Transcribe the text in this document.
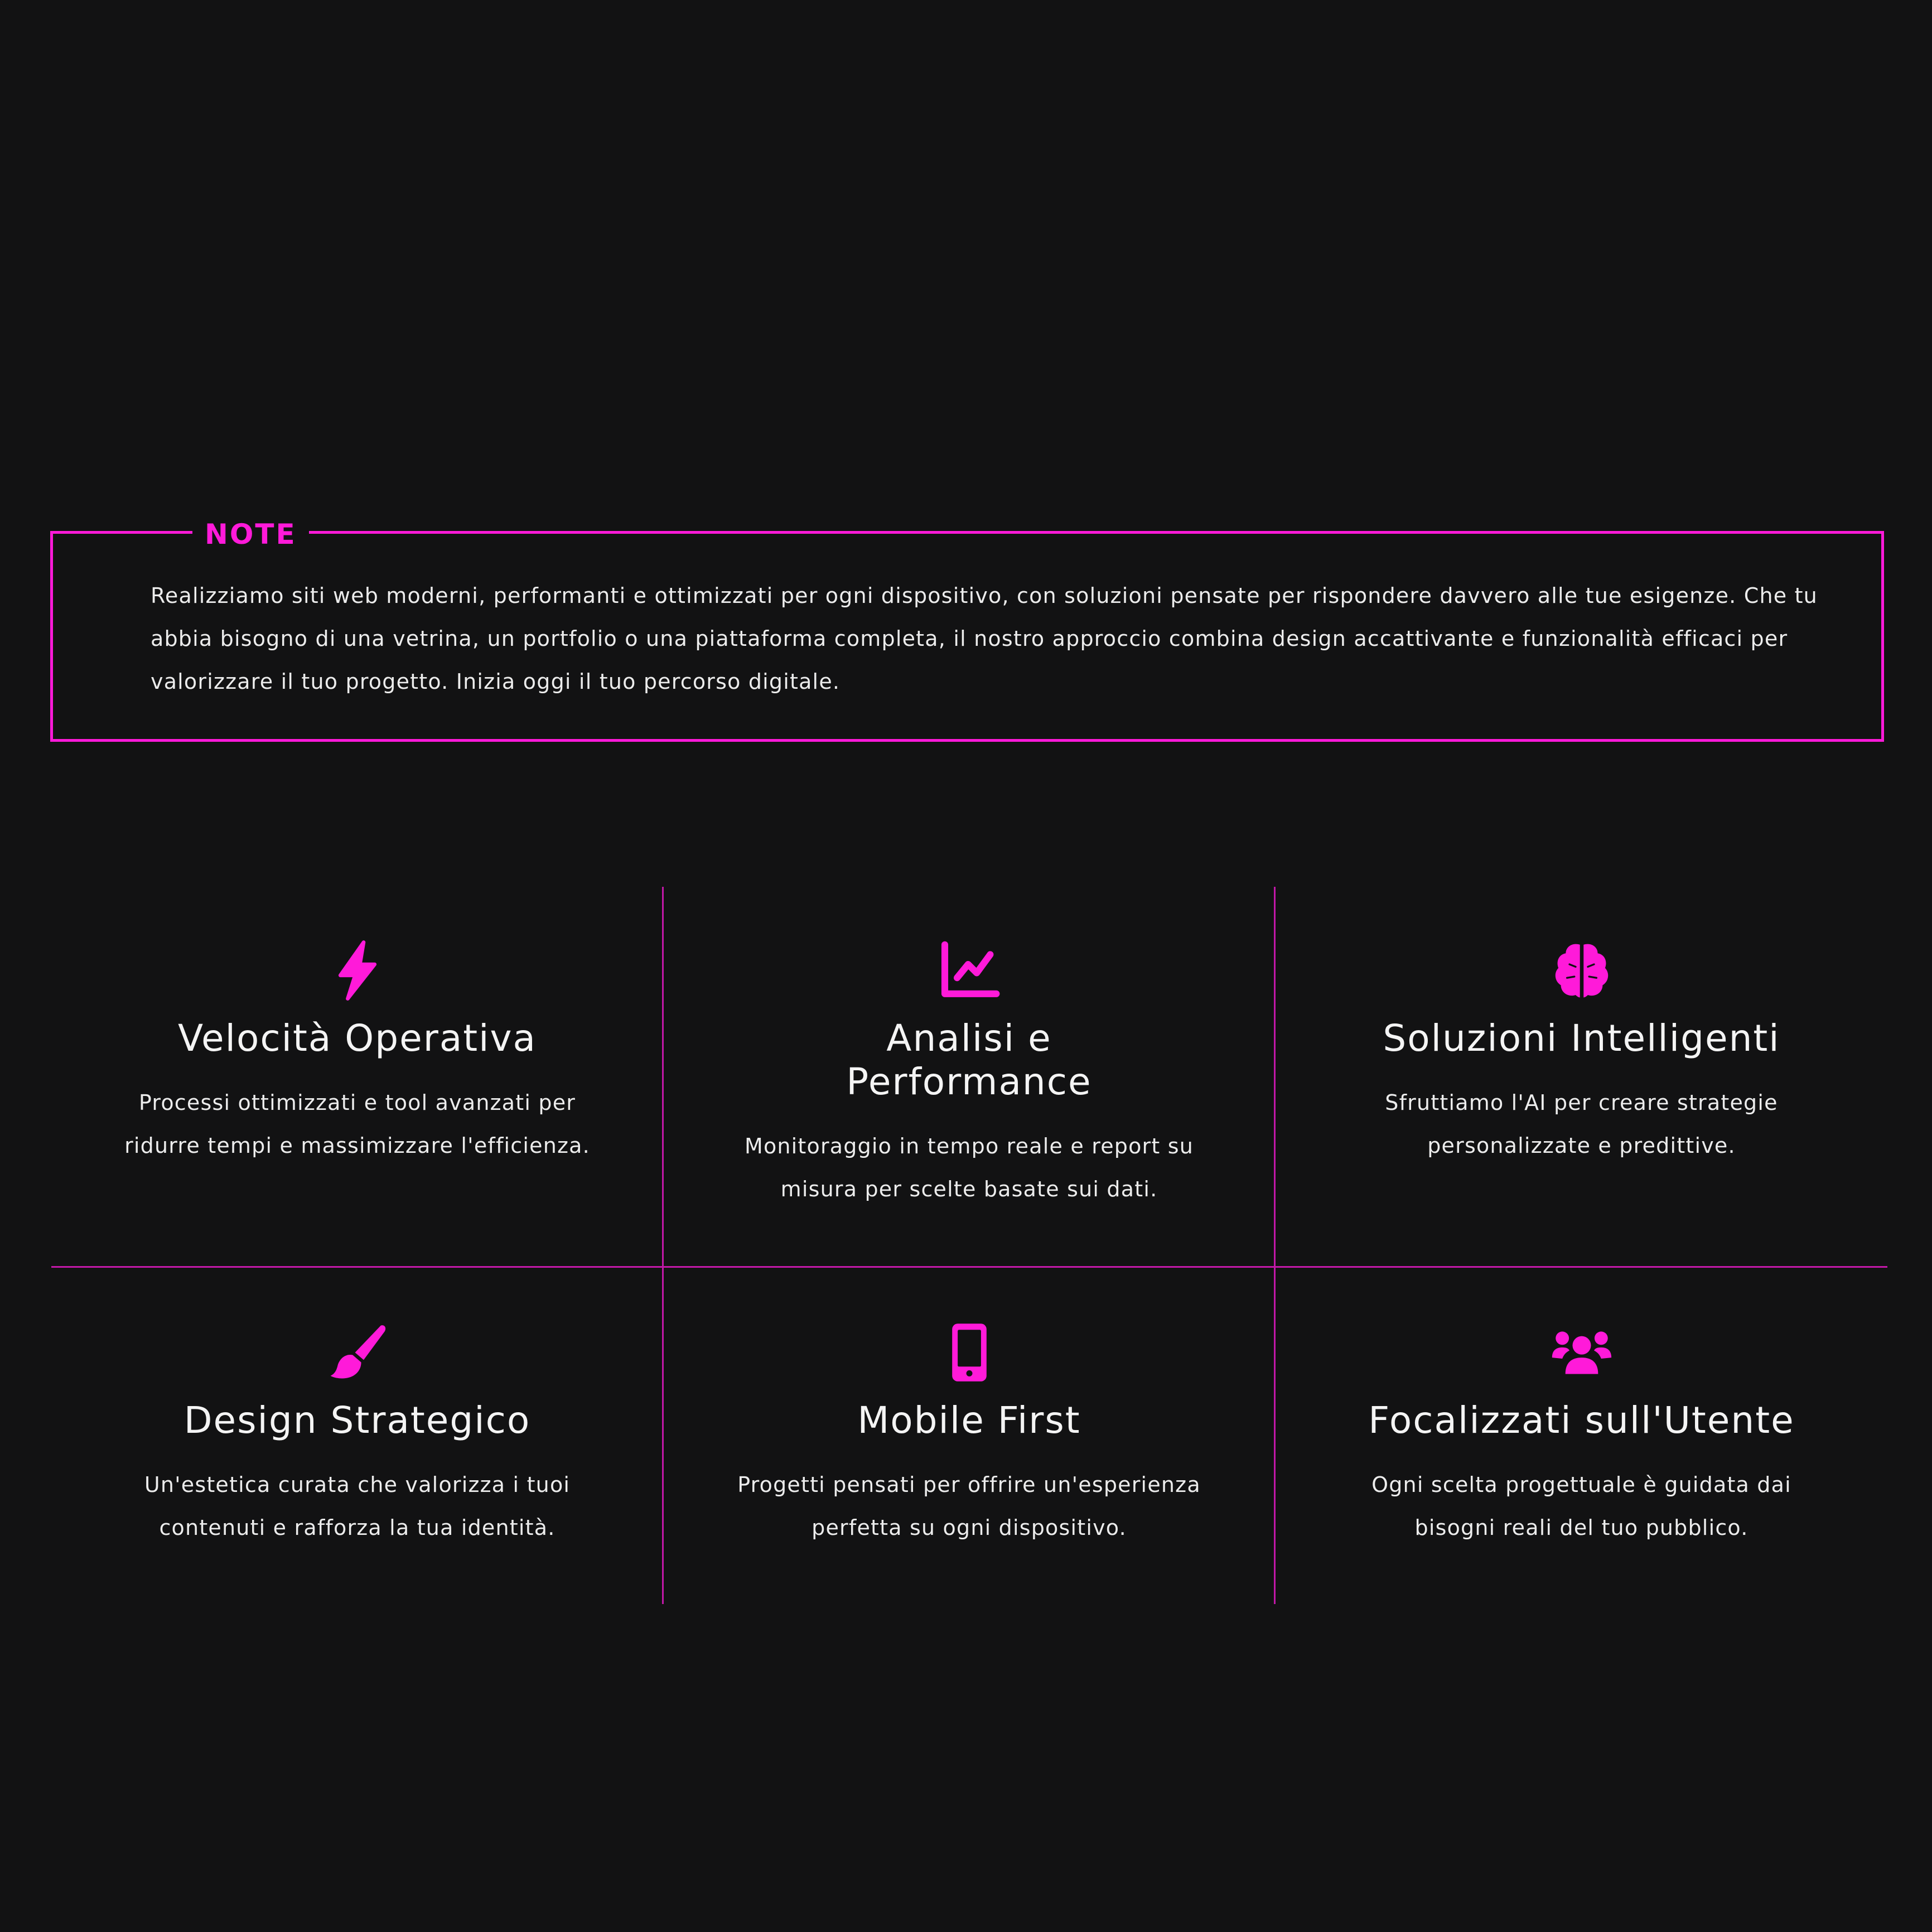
NOTE
Realizziamo siti web moderni, performanti e ottimizzati per ogni dispositivo, con soluzioni pensate per rispondere davvero alle tue esigenze. Che tu abbia bisogno di una vetrina, un portfolio o una piattaforma completa, il nostro approccio combina design accattivante e funzionalità efficaci per valorizzare il tuo progetto. Inizia oggi il tuo percorso digitale.
Velocità Operativa
Processi ottimizzati e tool avanzati per ridurre tempi e massimizzare l'efficienza.
Analisi e Performance
Monitoraggio in tempo reale e report su misura per scelte basate sui dati.
Soluzioni Intelligenti
Sfruttiamo l'AI per creare strategie personalizzate e predittive.
Design Strategico
Un'estetica curata che valorizza i tuoi contenuti e rafforza la tua identità.
Mobile First
Progetti pensati per offrire un'esperienza perfetta su ogni dispositivo.
Focalizzati sull'Utente
Ogni scelta progettuale è guidata dai bisogni reali del tuo pubblico.
